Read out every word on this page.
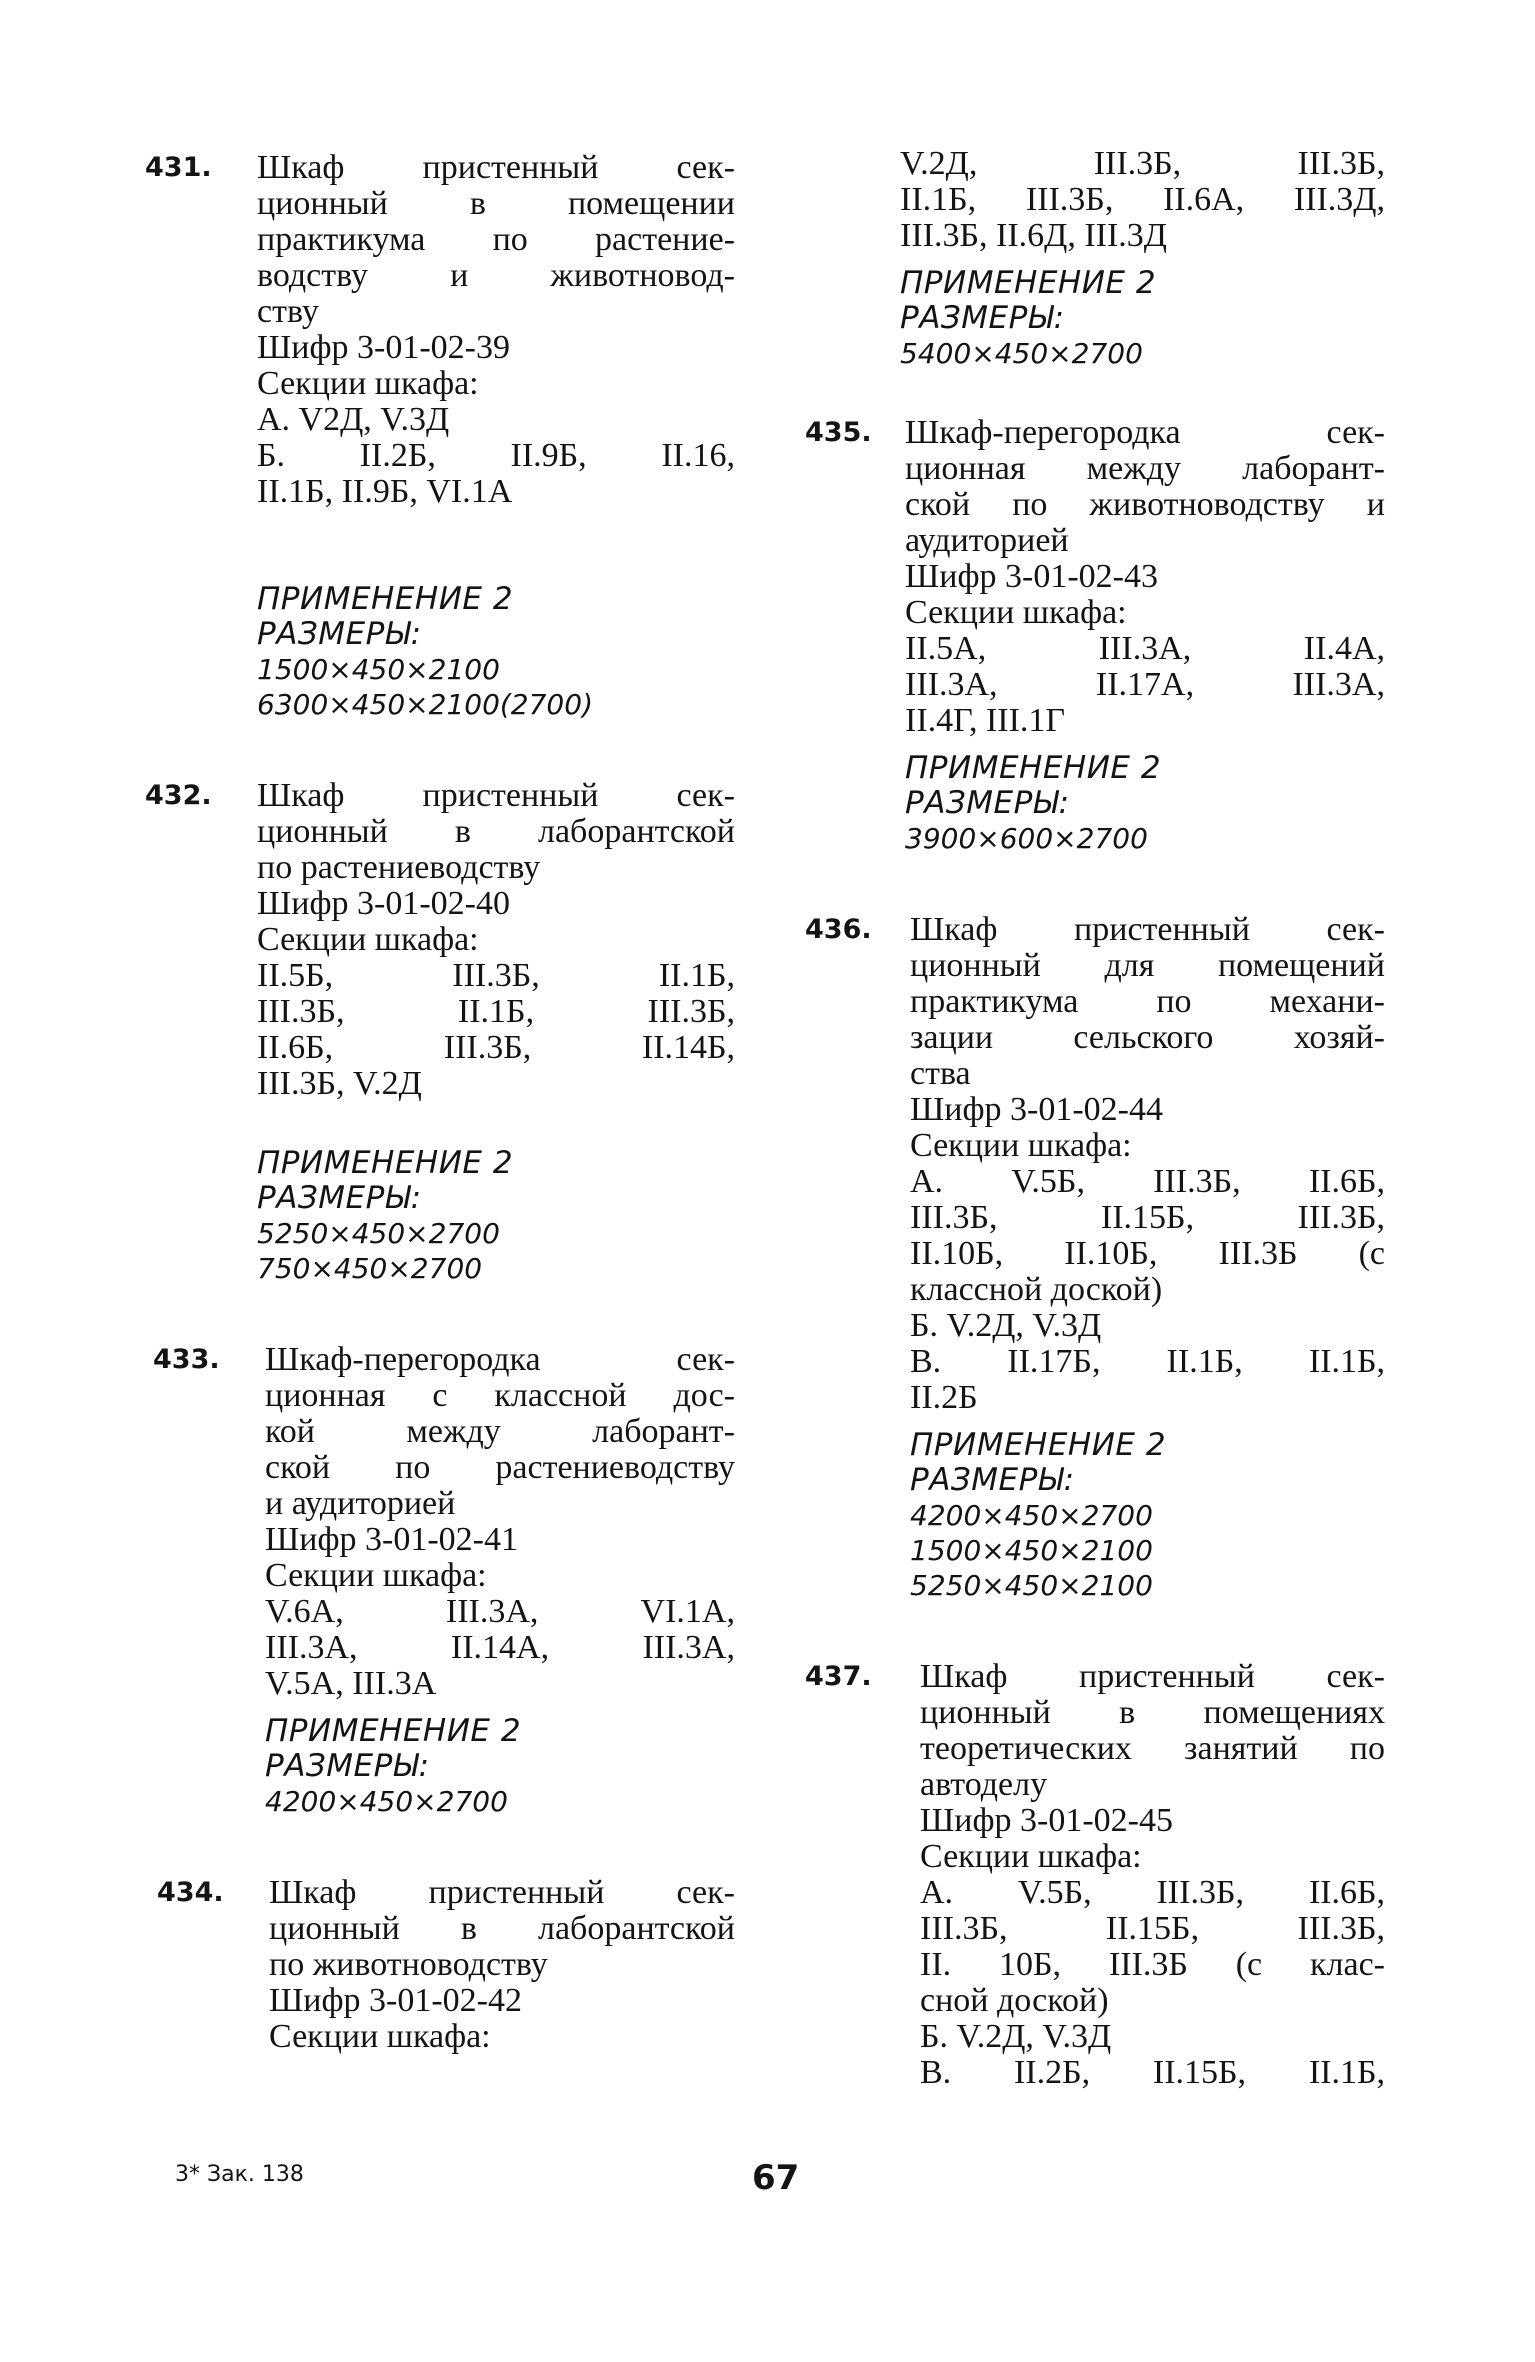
431. Шкаф пристенный сек-
ционный в помещении
практикума по растение-
водству и животновод-
ству
Шифр 3-01-02-39
Секции шкафа:
А. V2Д, V.3Д
Б. II.2Б, II.9Б, II.16,
II.1Б, II.9Б, VI.1А
ПРИМЕНЕНИЕ 2
РАЗМЕРЫ:
1500×450×2100
6300×450×2100(2700)
432. Шкаф пристенный сек-
ционный в лаборантской
по растениеводству
Шифр 3-01-02-40
Секции шкафа:
II.5Б, III.3Б, II.1Б,
III.3Б, II.1Б, III.3Б,
II.6Б, III.3Б, II.14Б,
III.3Б, V.2Д
ПРИМЕНЕНИЕ 2
РАЗМЕРЫ:
5250×450×2700
750×450×2700
433. Шкаф-перегородка сек-
ционная с классной дос-
кой между лаборант-
ской по растениеводству
и аудиторией
Шифр 3-01-02-41
Секции шкафа:
V.6А, III.3А, VI.1А,
III.3А, II.14А, III.3А,
V.5А, III.3А
ПРИМЕНЕНИЕ 2
РАЗМЕРЫ:
4200×450×2700
434. Шкаф пристенный сек-
ционный в лаборантской
по животноводству
Шифр 3-01-02-42
Секции шкафа:
V.2Д, III.3Б, III.3Б,
II.1Б, III.3Б, II.6А, III.3Д,
III.3Б, II.6Д, III.3Д
ПРИМЕНЕНИЕ 2
РАЗМЕРЫ:
5400×450×2700
435. Шкаф-перегородка сек-
ционная между лаборант-
ской по животноводству и
аудиторией
Шифр 3-01-02-43
Секции шкафа:
II.5А, III.3А, II.4А,
III.3А, II.17А, III.3А,
II.4Г, III.1Г
ПРИМЕНЕНИЕ 2
РАЗМЕРЫ:
3900×600×2700
436. Шкаф пристенный сек-
ционный для помещений
практикума по механи-
зации сельского хозяй-
ства
Шифр 3-01-02-44
Секции шкафа:
А. V.5Б, III.3Б, II.6Б,
III.3Б, II.15Б, III.3Б,
II.10Б, II.10Б, III.3Б (с
классной доской)
Б. V.2Д, V.3Д
В. II.17Б, II.1Б, II.1Б,
II.2Б
ПРИМЕНЕНИЕ 2
РАЗМЕРЫ:
4200×450×2700
1500×450×2100
5250×450×2100
437. Шкаф пристенный сек-
ционный в помещениях
теоретических занятий по
автоделу
Шифр 3-01-02-45
Секции шкафа:
А. V.5Б, III.3Б, II.6Б,
III.3Б, II.15Б, III.3Б,
II. 10Б, III.3Б (с клас-
сной доской)
Б. V.2Д, V.3Д
В. II.2Б, II.15Б, II.1Б,
3* Зак. 138	67
